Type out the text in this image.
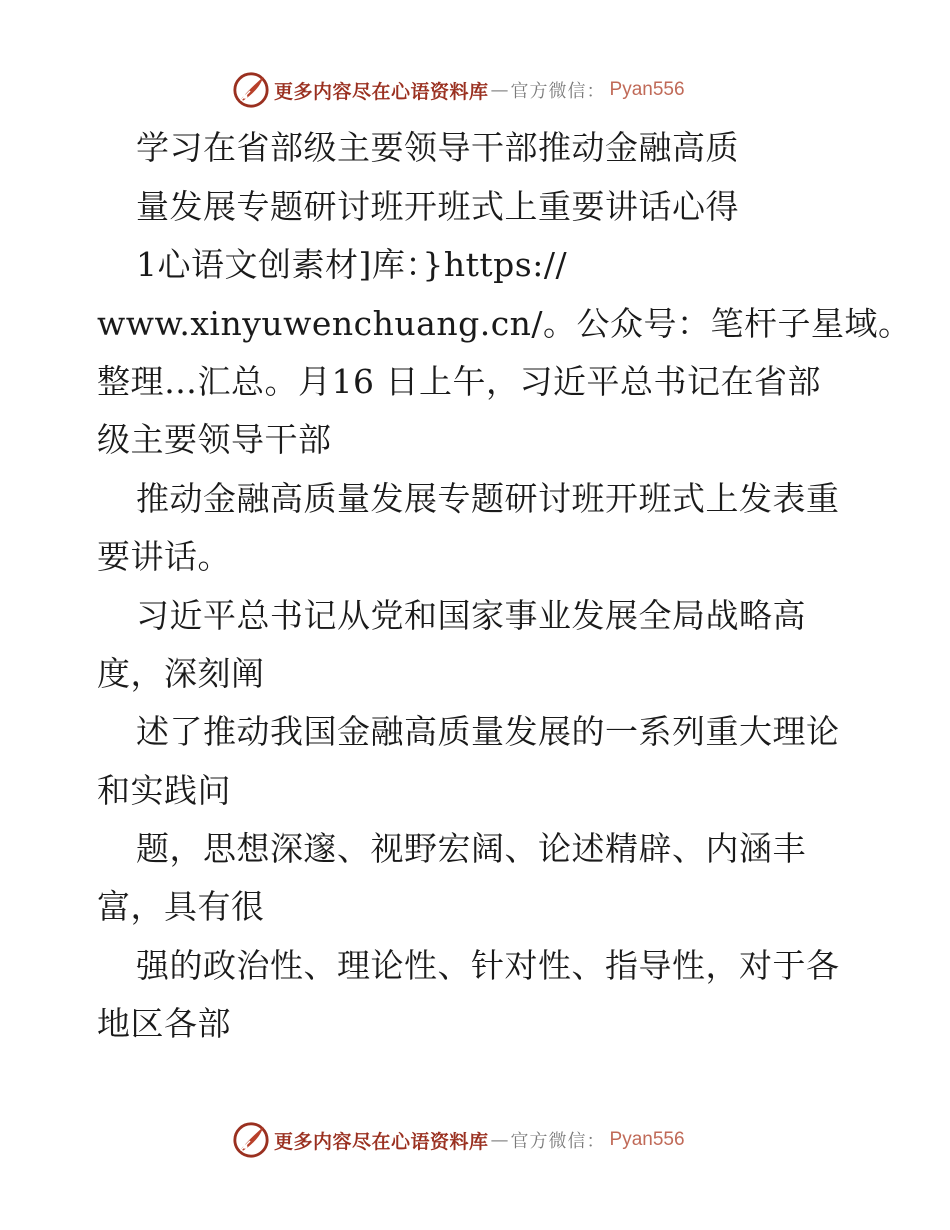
更多内容尽在心语资料库 — 官方微信： Pyan556
学习在省部级主要领导干部推动金融高质
量发展专题研讨班开班式上重要讲话心得
1心语文创素材]库：}https://
www.xinyuwenchuang.cn/。公众号：笔杆子星域。
整理…汇总。月16 日上午，习近平总书记在省部
级主要领导干部
推动金融高质量发展专题研讨班开班式上发表重
要讲话。
习近平总书记从党和国家事业发展全局战略高
度，深刻阐
述了推动我国金融高质量发展的一系列重大理论
和实践问
题，思想深邃、视野宏阔、论述精辟、内涵丰
富，具有很
强的政治性、理论性、针对性、指导性，对于各
地区各部
更多内容尽在心语资料库 — 官方微信： Pyan556
